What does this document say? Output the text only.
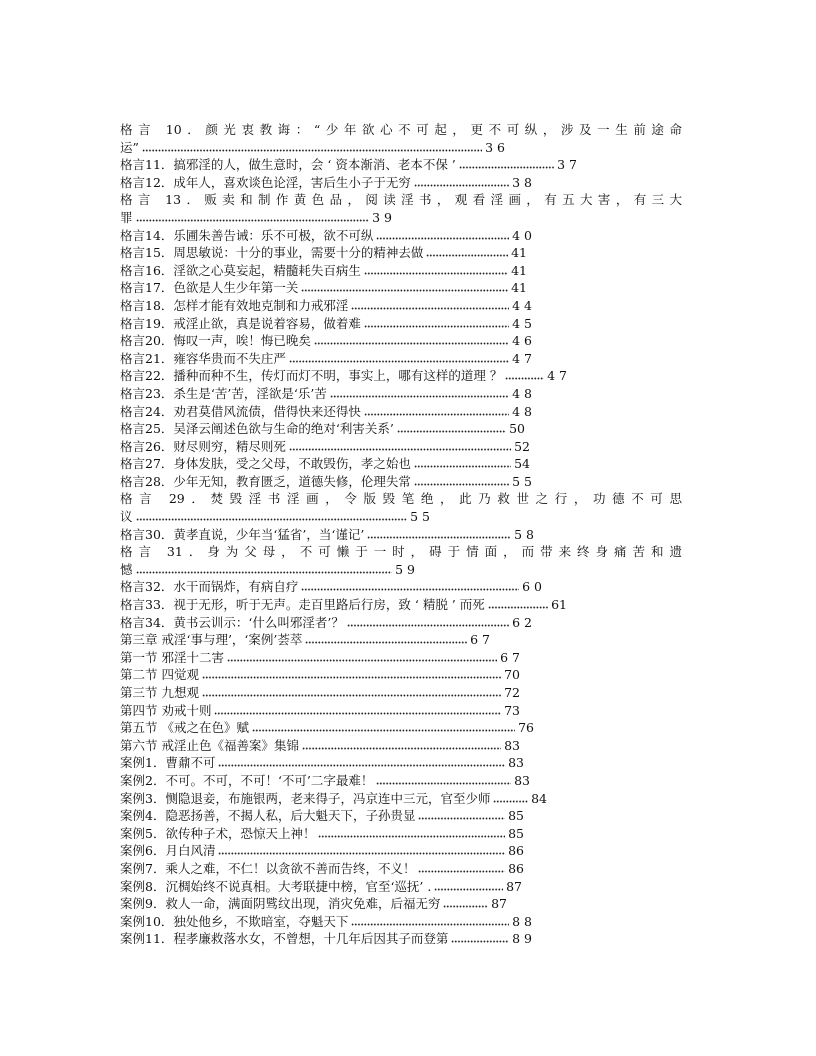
格言 10．颜光衷教诲：“少年欲心不可起，更不可纵，涉及一生前途命
运”	3 6
格言11．搞邪淫的人，做生意时，会 ‘ 资本渐消、老本不保 ’	3 7
格言12．成年人，喜欢谈色论淫，害后生小子于无穷	3 8
格言 13．贩卖和制作黄色品，阅读淫书，观看淫画，有五大害，有三大
罪	3 9
格言14．乐圃朱善告诫：乐不可极，欲不可纵	4 0
格言15．周思敏说：十分的事业，需要十分的精神去做	41
格言16．淫欲之心莫妄起，精髓耗失百病生	41
格言17．色欲是人生少年第一关	41
格言18．怎样才能有效地克制和力戒邪淫	4 4
格言19．戒淫止欲，真是说着容易，做着难	4 5
格言20．悔叹一声，唉！悔已晚矣	4 6
格言21．雍容华贵而不失庄严	4 7
格言22．播种而种不生，传灯而灯不明，事实上，哪有这样的道理 ？	4 7
格言23．杀生是‘苦’苦，淫欲是‘乐’苦	4 8
格言24．劝君莫借风流债，借得快来还得快	4 8
格言25．吴泽云阐述色欲与生命的绝对‘利害关系’	50
格言26．财尽则穷，精尽则死	52
格言27．身体发肤，受之父母，不敢毁伤，孝之始也	54
格言28．少年无知，教育匮乏，道德失修，伦理失常	5 5
格言 29．焚毁淫书淫画，令版毁笔绝，此乃救世之行，功德不可思
议	5 5
格言30．黄孝直说，少年当‘猛省’，当‘谨记’	5 8
格言 31．身为父母，不可懒于一时，碍于情面，而带来终身痛苦和遗
憾	5 9
格言32．水干而锅炸，有病自疗	6 0
格言33．视于无形，听于无声。走百里路后行房，致 ‘ 精脱 ’ 而死	61
格言34．黄书云训示：‘什么叫邪淫者’？	6 2
第三章 戒淫‘事与理’，‘案例’荟萃	6 7
第一节 邪淫十二害	6 7
第二节 四觉观	70
第三节 九想观	72
第四节 劝戒十则	73
第五节 《戒之在色》赋	76
第六节 戒淫止色《福善案》集锦	83
案例1．曹鼐不可	83
案例2．不可。不可，不可！‘不可’二字最难！	83
案例3．恻隐退妾，布施银两，老来得子，冯京连中三元，官至少师	84
案例4．隐恶扬善，不揭人私，后大魁天下，子孙贵显	85
案例5．欲传种子术，恐惊天上神！	85
案例6．月白风清	86
案例7．乘人之难，不仁！以贪欲不善而告终，不义！	86
案例8．沉椆始终不说真相。大考联捷中榜，官至‘巡抚’ .	87
案例9．救人一命，满面阴骘纹出现，消灾免难，后福无穷	87
案例10．独处他乡，不欺暗室，夺魁天下	8 8
案例11．程孝廉救落水女，不曾想，十几年后因其子而登第	8 9
